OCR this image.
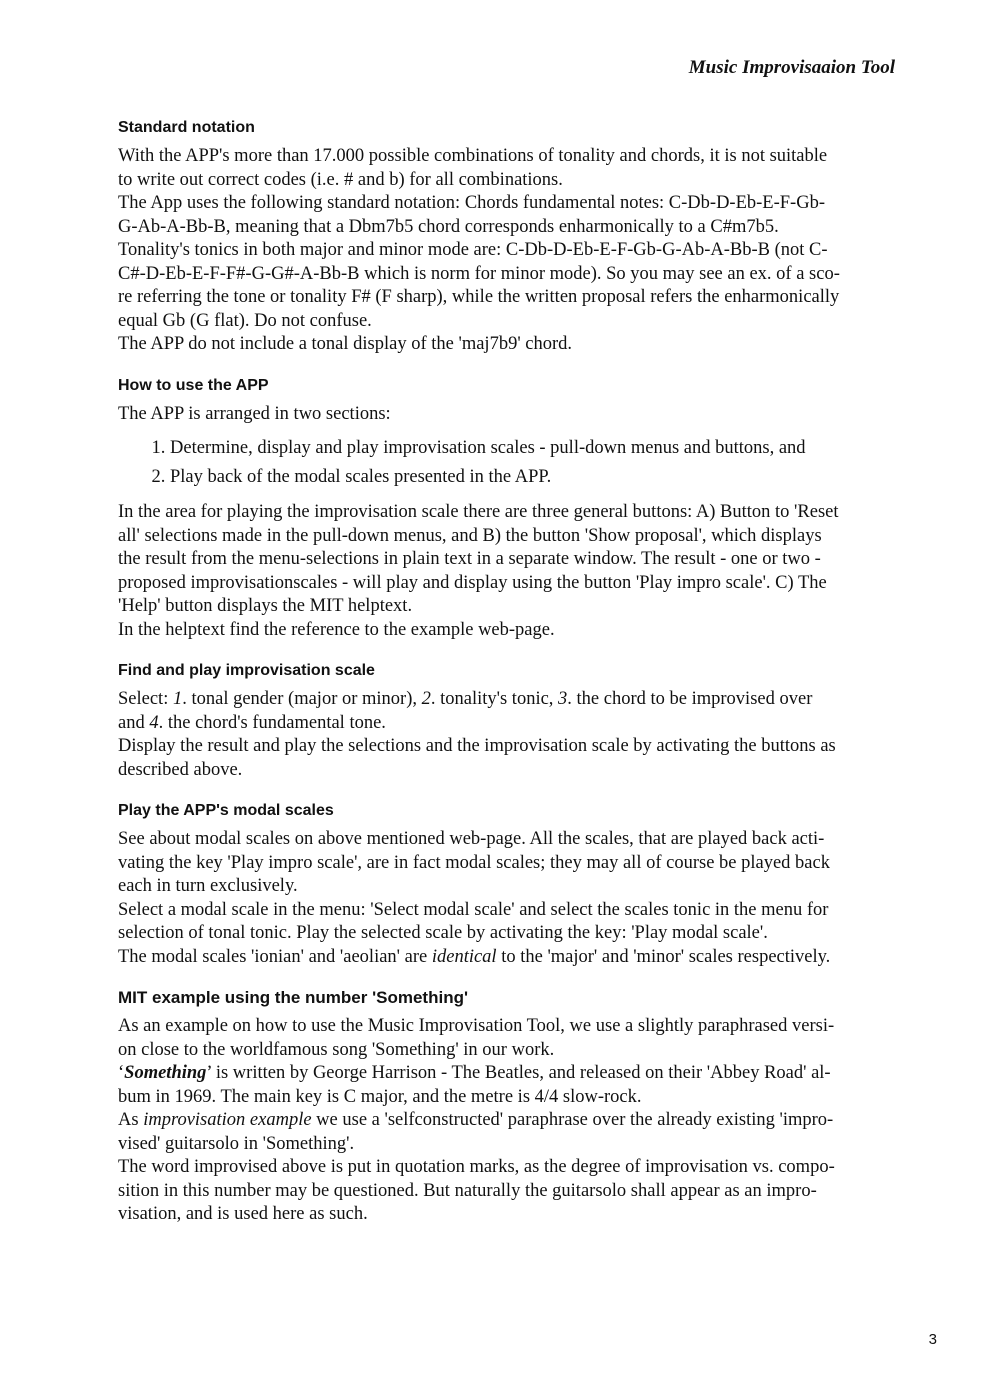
Music Improvisaaion Tool
Standard notation

With the APP's more than 17.000 possible combinations of tonality and chords, it is not suitable
to write out correct codes (i.e. # and b) for all combinations.
The App uses the following standard notation: Chords fundamental notes: C-Db-D-Eb-E-F-Gb-
G-Ab-A-Bb-B, meaning that a Dbm7b5 chord corresponds enharmonically to a C#m7b5.
Tonality's tonics in both major and minor mode are: C-Db-D-Eb-E-F-Gb-G-Ab-A-Bb-B (not C-
C#-D-Eb-E-F-F#-G-G#-A-Bb-B which is norm for minor mode). So you may see an ex. of a sco-
re referring the tone or tonality F# (F sharp), while the written proposal refers the enharmonically
equal Gb (G flat). Do not confuse.
The APP do not include a tonal display of the 'maj7b9' chord.

How to use the APP

The APP is arranged in two sections:

1. Determine, display and play improvisation scales - pull-down menus and buttons, and
2. Play back of the modal scales presented in the APP.

In the area for playing the improvisation scale there are three general buttons: A) Button to 'Reset
all' selections made in the pull-down menus, and B) the button 'Show proposal', which displays
the result from the menu-selections in plain text in a separate window. The result - one or two -
proposed improvisationscales - will play and display using the button 'Play impro scale'. C) The
'Help' button displays the MIT helptext.
In the helptext find the reference to the example web-page.

Find and play improvisation scale

Select: 1. tonal gender (major or minor), 2. tonality's tonic, 3. the chord to be improvised over
and 4. the chord's fundamental tone.
Display the result and play the selections and the improvisation scale by activating the buttons as
described above.

Play the APP's modal scales

See about modal scales on above mentioned web-page. All the scales, that are played back acti-
vating the key 'Play impro scale', are in fact modal scales; they may all of course be played back
each in turn exclusively.
Select a modal scale in the menu: 'Select modal scale' and select the scales tonic in the menu for
selection of tonal tonic. Play the selected scale by activating the key: 'Play modal scale'.
The modal scales 'ionian' and 'aeolian' are identical to the 'major' and 'minor' scales respectively.

MIT example using the number 'Something'

As an example on how to use the Music Improvisation Tool, we use a slightly paraphrased versi-
on close to the worldfamous song 'Something' in our work.
‘Something’ is written by George Harrison - The Beatles, and released on their 'Abbey Road' al-
bum in 1969. The main key is C major, and the metre is 4/4 slow-rock.
As improvisation example we use a 'selfconstructed' paraphrase over the already existing 'impro-
vised' guitarsolo in 'Something'.
The word improvised above is put in quotation marks, as the degree of improvisation vs. compo-
sition in this number may be questioned. But naturally the guitarsolo shall appear as an impro-
visation, and is used here as such.

3
